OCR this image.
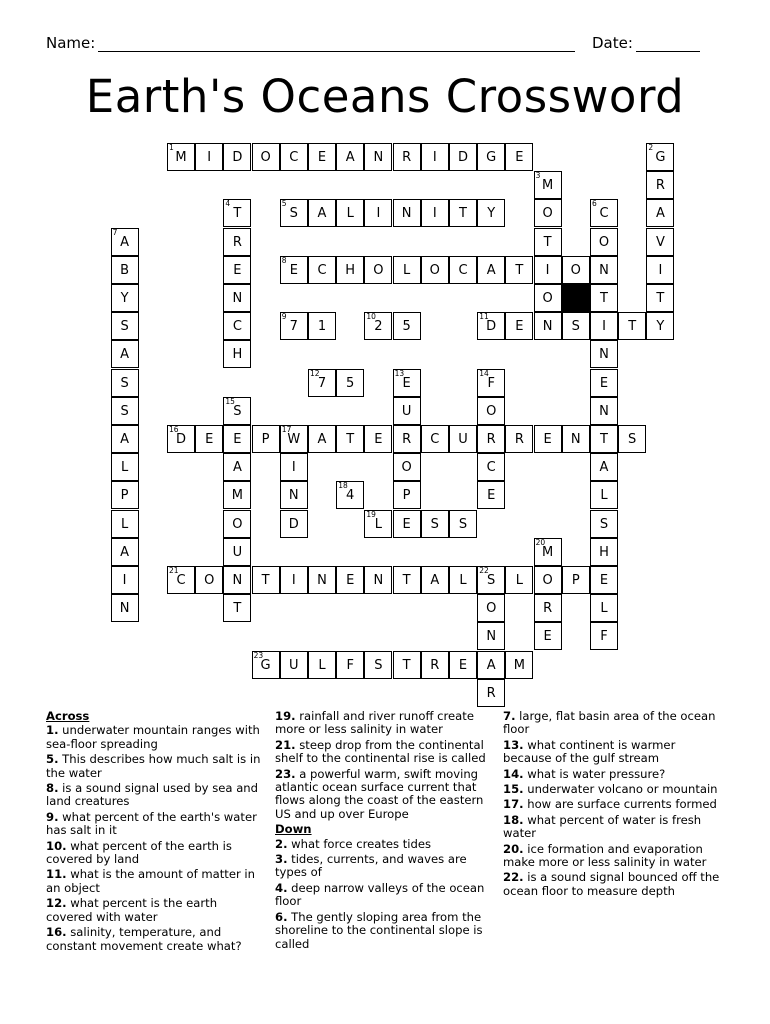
Name:	Date:
Earth's Oceans Crossword
1
M	I	D	O	C	E	A	N	R	I	D	G	E
2
G
3
M	R
4
T
5
S	A	L	I	N	I	T	Y	O
6
C	A
7
A	R	T	O	V
B	E
8
E	C	H	O	L	O	C	A	T	I	O	N	I
Y	N	O	T	T
S	C
9
7	1
10
2	5
11
D	E	N	S	I	T	Y
A	H	N
S
12
7	5
13
E
14
F	E
S
15
S	U	O	N
A
16
D	E	E	P
17
W	A	T	E	R	C	U	R	R	E	N	T	S
L	A	I	O	C	A
P	M	N
18
4	P	E	L
L	O	D
19
L	E	S	S	S
A	U
20
M	H
I
21
C	O	N	T	I	N	E	N	T	A	L
22
S	L	O	P	E
N	T	O	R	L
N	E	F
23
G	U	L	F	S	T	R	E	A	M
R
Across
1. underwater mountain ranges with sea-floor spreading
5. This describes how much salt is in the water
8. is a sound signal used by sea and land creatures
9. what percent of the earth's water has salt in it
10. what percent of the earth is covered by land
11. what is the amount of matter in an object
12. what percent is the earth covered with water
16. salinity, temperature, and constant movement create what?
19. rainfall and river runoff create more or less salinity in water
21. steep drop from the continental shelf to the continental rise is called
23. a powerful warm, swift moving atlantic ocean surface current that flows along the coast of the eastern US and up over Europe
Down
2. what force creates tides
3. tides, currents, and waves are types of
4. deep narrow valleys of the ocean floor
6. The gently sloping area from the shoreline to the continental slope is called
7. large, flat basin area of the ocean floor
13. what continent is warmer because of the gulf stream
14. what is water pressure?
15. underwater volcano or mountain
17. how are surface currents formed
18. what percent of water is fresh water
20. ice formation and evaporation make more or less salinity in water
22. is a sound signal bounced off the ocean floor to measure depth
